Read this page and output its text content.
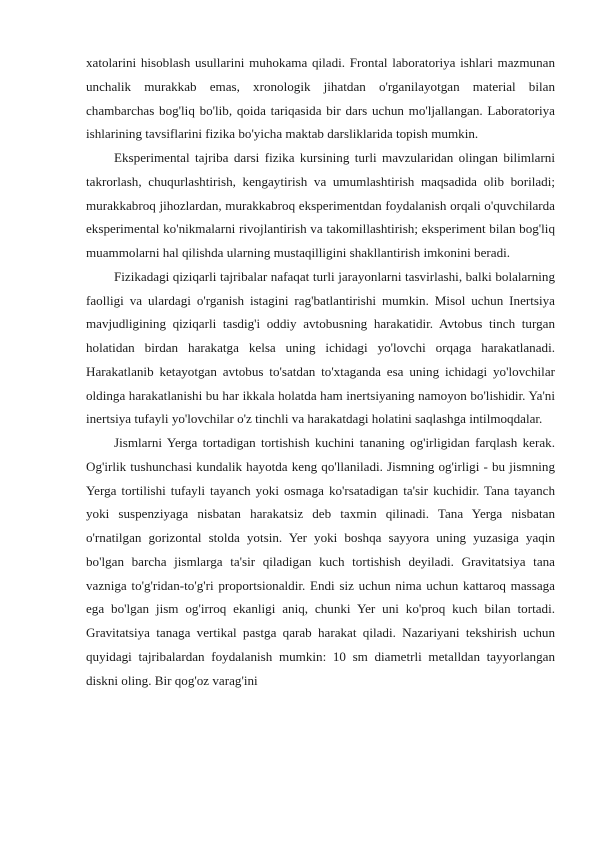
xatolarini hisoblash usullarini muhokama qiladi. Frontal laboratoriya ishlari mazmunan unchalik murakkab emas, xronologik jihatdan o'rganilayotgan material bilan chambarchas bog'liq bo'lib, qoida tariqasida bir dars uchun mo'ljallangan. Laboratoriya ishlarining tavsiflarini fizika bo'yicha maktab darsliklarida topish mumkin.

Eksperimental tajriba darsi fizika kursining turli mavzularidan olingan bilimlarni takrorlash, chuqurlashtirish, kengaytirish va umumlashtirish maqsadida olib boriladi; murakkabroq jihozlardan, murakkabroq eksperimentdan foydalanish orqali o'quvchilarda eksperimental ko'nikmalarni rivojlantirish va takomillashtirish; eksperiment bilan bog'liq muammolarni hal qilishda ularning mustaqilligini shakllantirish imkonini beradi.

Fizikadagi qiziqarli tajribalar nafaqat turli jarayonlarni tasvirlashi, balki bolalarning faolligi va ulardagi o'rganish istagini rag'batlantirishi mumkin. Misol uchun Inertsiya mavjudligining qiziqarli tasdig'i oddiy avtobusning harakatidir. Avtobus tinch turgan holatidan birdan harakatga kelsa uning ichidagi yo'lovchi orqaga harakatlanadi. Harakatlanib ketayotgan avtobus to'satdan to'xtaganda esa uning ichidagi yo'lovchilar oldinga harakatlanishi bu har ikkala holatda ham inertsiyaning namoyon bo'lishidir. Ya'ni inertsiya tufayli yo'lovchilar o'z tinchli va harakatdagi holatini saqlashga intilmoqdalar.

Jismlarni Yerga tortadigan tortishish kuchini tananing og'irligidan farqlash kerak. Og'irlik tushunchasi kundalik hayotda keng qo'llaniladi. Jismning og'irligi - bu jismning Yerga tortilishi tufayli tayanch yoki osmaga ko'rsatadigan ta'sir kuchidir. Tana tayanch yoki suspenziyaga nisbatan harakatsiz deb taxmin qilinadi. Tana Yerga nisbatan o'rnatilgan gorizontal stolda yotsin. Yer yoki boshqa sayyora uning yuzasiga yaqin bo'lgan barcha jismlarga ta'sir qiladigan kuch tortishish deyiladi. Gravitatsiya tana vazniga to'g'ridan-to'g'ri proportsionaldir. Endi siz uchun nima uchun kattaroq massaga ega bo'lgan jism og'irroq ekanligi aniq, chunki Yer uni ko'proq kuch bilan tortadi. Gravitatsiya tanaga vertikal pastga qarab harakat qiladi. Nazariyani tekshirish uchun quyidagi tajribalardan foydalanish mumkin: 10 sm diametrli metalldan tayyorlangan diskni oling. Bir qog'oz varag'ini
